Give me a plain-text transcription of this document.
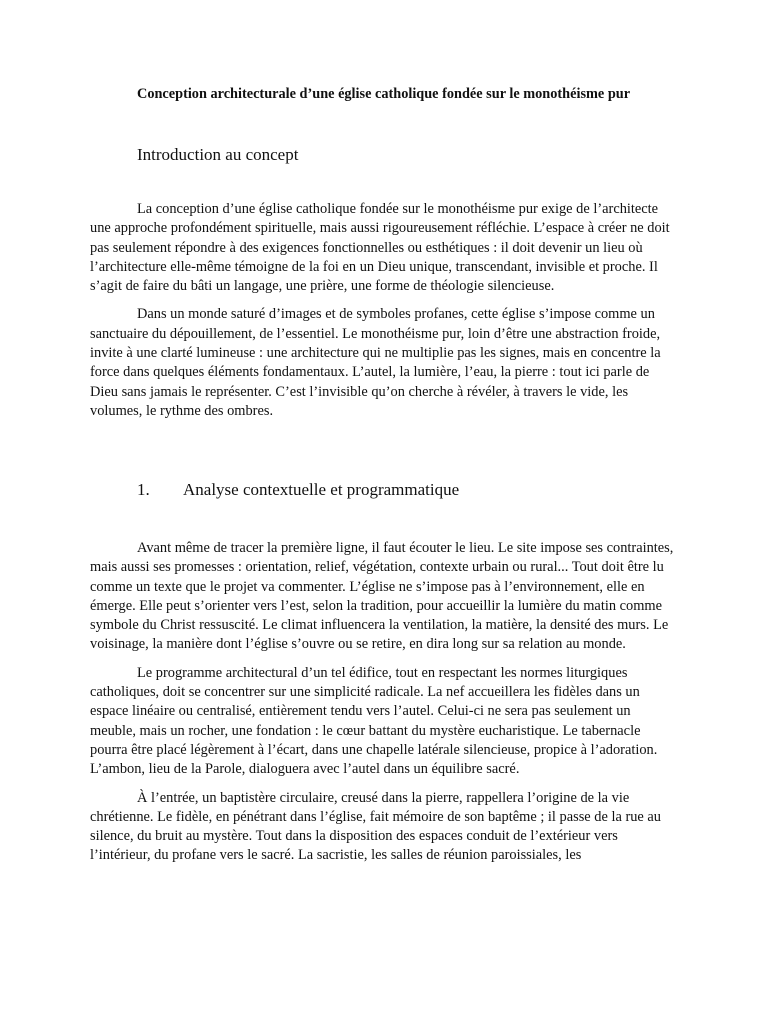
Conception architecturale d’une église catholique fondée sur le monothéisme pur
Introduction au concept

La conception d’une église catholique fondée sur le monothéisme pur exige de l’architecte une approche profondément spirituelle, mais aussi rigoureusement réfléchie. L’espace à créer ne doit pas seulement répondre à des exigences fonctionnelles ou esthétiques : il doit devenir un lieu où l’architecture elle-même témoigne de la foi en un Dieu unique, transcendant, invisible et proche. Il s’agit de faire du bâti un langage, une prière, une forme de théologie silencieuse.

Dans un monde saturé d’images et de symboles profanes, cette église s’impose comme un sanctuaire du dépouillement, de l’essentiel. Le monothéisme pur, loin d’être une abstraction froide, invite à une clarté lumineuse : une architecture qui ne multiplie pas les signes, mais en concentre la force dans quelques éléments fondamentaux. L’autel, la lumière, l’eau, la pierre : tout ici parle de Dieu sans jamais le représenter. C’est l’invisible qu’on cherche à révéler, à travers le vide, les volumes, le rythme des ombres.

1. Analyse contextuelle et programmatique

Avant même de tracer la première ligne, il faut écouter le lieu. Le site impose ses contraintes, mais aussi ses promesses : orientation, relief, végétation, contexte urbain ou rural... Tout doit être lu comme un texte que le projet va commenter. L’église ne s’impose pas à l’environnement, elle en émerge. Elle peut s’orienter vers l’est, selon la tradition, pour accueillir la lumière du matin comme symbole du Christ ressuscité. Le climat influencera la ventilation, la matière, la densité des murs. Le voisinage, la manière dont l’église s’ouvre ou se retire, en dira long sur sa relation au monde.

Le programme architectural d’un tel édifice, tout en respectant les normes liturgiques catholiques, doit se concentrer sur une simplicité radicale. La nef accueillera les fidèles dans un espace linéaire ou centralisé, entièrement tendu vers l’autel. Celui-ci ne sera pas seulement un meuble, mais un rocher, une fondation : le cœur battant du mystère eucharistique. Le tabernacle pourra être placé légèrement à l’écart, dans une chapelle latérale silencieuse, propice à l’adoration. L’ambon, lieu de la Parole, dialoguera avec l’autel dans un équilibre sacré.

À l’entrée, un baptistère circulaire, creusé dans la pierre, rappellera l’origine de la vie chrétienne. Le fidèle, en pénétrant dans l’église, fait mémoire de son baptême ; il passe de la rue au silence, du bruit au mystère. Tout dans la disposition des espaces conduit de l’extérieur vers l’intérieur, du profane vers le sacré. La sacristie, les salles de réunion paroissiales, les
